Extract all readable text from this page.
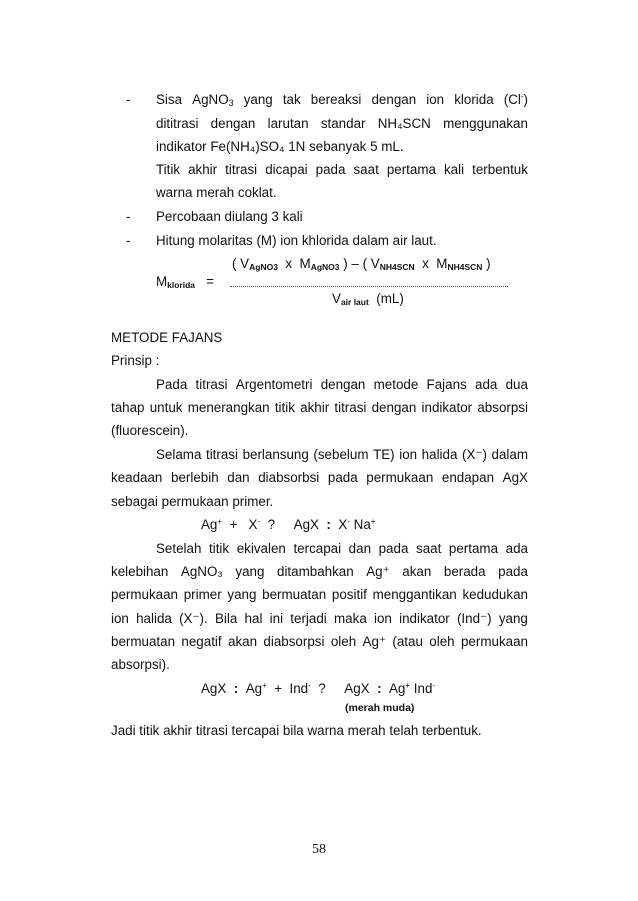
- Sisa AgNO$_3$ yang tak bereaksi dengan ion klorida (Cl-)
dititrasi dengan larutan standar NH₄SCN menggunakan
indikator Fe(NH₄)SO₄ 1N sebanyak 5 mL.
Titik akhir titrasi dicapai pada saat pertama kali terbentuk
warna merah coklat.
- Percobaan diulang 3 kali
- Hitung molaritas (M) ion khlorida dalam air laut.
( $V_{AgNO3}$ x $M_{AgNO3}$ ) – ( $V_{NH4SCN}$ x $M_{NH4SCN}$ )
$M_{klorida}$ =
$V_{air laut}$ (mL)
METODE FAJANS
Prinsip :
Pada titrasi Argentometri dengan metode Fajans ada dua
tahap untuk menerangkan titik akhir titrasi dengan indikator absorpsi
(fluorescein).
Selama titrasi berlansung (sebelum TE) ion halida (X⁻) dalam
keadaan berlebih dan diabsorbsi pada permukaan endapan AgX
sebagai permukaan primer.
Ag+ + X- ? AgX : X- Na+
Setelah titik ekivalen tercapai dan pada saat pertama ada
kelebihan AgNO₃ yang ditambahkan Ag⁺ akan berada pada
permukaan primer yang bermuatan positif menggantikan kedudukan
ion halida (X⁻). Bila hal ini terjadi maka ion indikator (Ind⁻) yang
bermuatan negatif akan diabsorpsi oleh Ag⁺ (atau oleh permukaan
absorpsi).
AgX : Ag+ + Ind- ? AgX : Ag+ Ind-
(merah muda)
Jadi titik akhir titrasi tercapai bila warna merah telah terbentuk.
58
